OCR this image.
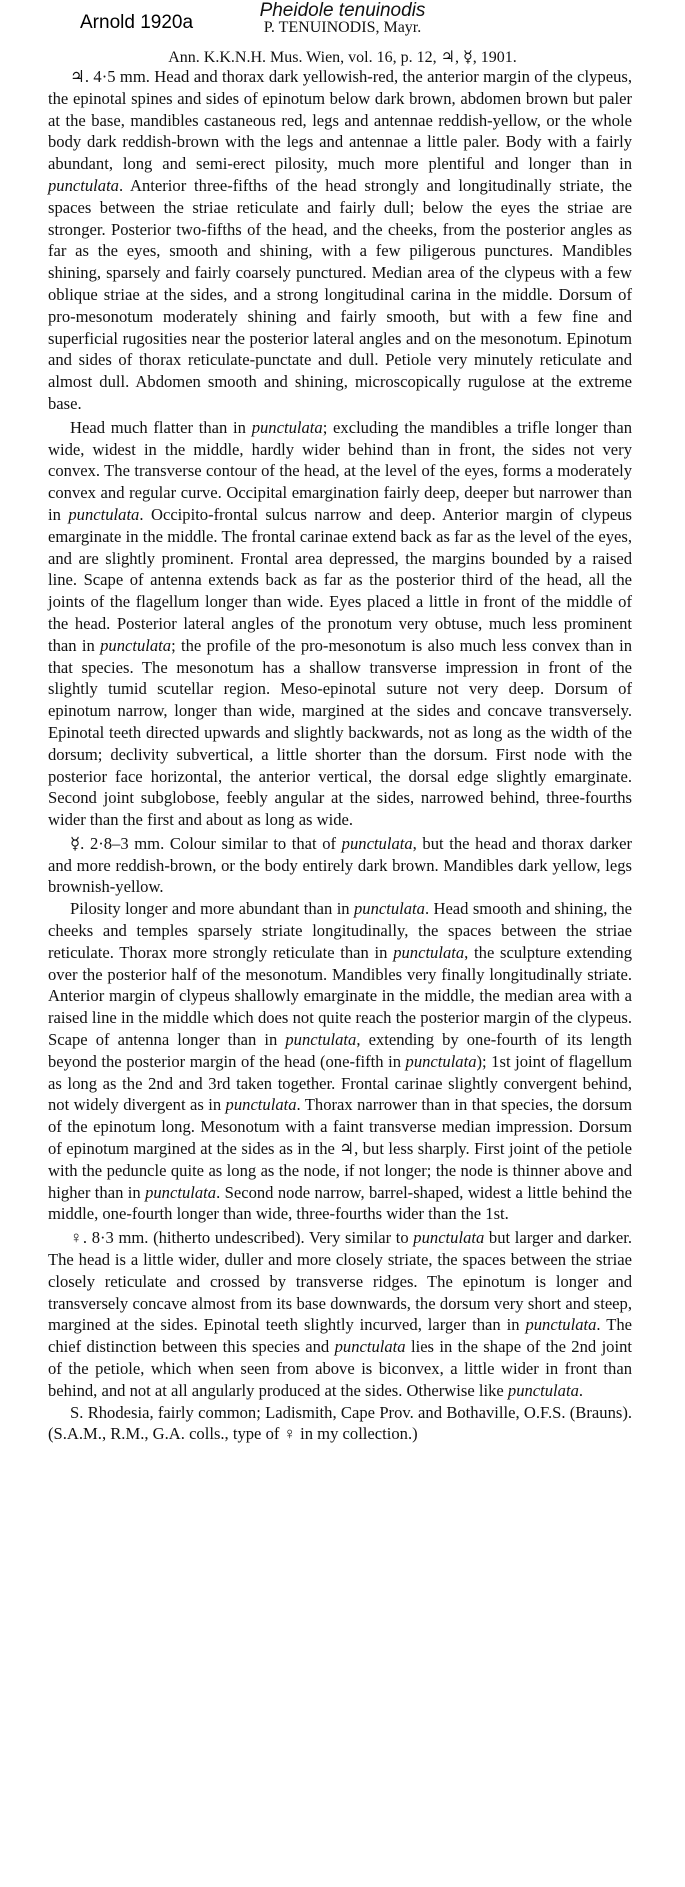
Arnold 1920a
Pheidole tenuinodis
P. TENUINODIS, Mayr.
Ann. K.K.N.H. Mus. Wien, vol. 16, p. 12, ♃, ☿, 1901.

♃. 4·5 mm. Head and thorax dark yellowish-red, the anterior margin of the clypeus, the epinotal spines and sides of epinotum below dark brown, abdomen brown but paler at the base, mandibles castaneous red, legs and antennae reddish-yellow, or the whole body dark reddish-brown with the legs and antennae a little paler. Body with a fairly abundant, long and semi-erect pilosity, much more plentiful and longer than in punctulata. Anterior three-fifths of the head strongly and longitudinally striate, the spaces between the striae reticulate and fairly dull; below the eyes the striae are stronger. Posterior two-fifths of the head, and the cheeks, from the posterior angles as far as the eyes, smooth and shining, with a few piligerous punctures. Mandibles shining, sparsely and fairly coarsely punctured. Median area of the clypeus with a few oblique striae at the sides, and a strong longitudinal carina in the middle. Dorsum of pro-mesonotum moderately shining and fairly smooth, but with a few fine and superficial rugosities near the posterior lateral angles and on the mesonotum. Epinotum and sides of thorax reticulate-punctate and dull. Petiole very minutely reticulate and almost dull. Abdomen smooth and shining, microscopically rugulose at the extreme base.

Head much flatter than in punctulata; excluding the mandibles a trifle longer than wide, widest in the middle, hardly wider behind than in front, the sides not very convex. The transverse contour of the head, at the level of the eyes, forms a moderately convex and regular curve. Occipital emargination fairly deep, deeper but narrower than in punctulata. Occipito-frontal sulcus narrow and deep. Anterior margin of clypeus emarginate in the middle. The frontal carinae extend back as far as the level of the eyes, and are slightly prominent. Frontal area depressed, the margins bounded by a raised line. Scape of antenna extends back as far as the posterior third of the head, all the joints of the flagellum longer than wide. Eyes placed a little in front of the middle of the head. Posterior lateral angles of the pronotum very obtuse, much less prominent than in punctulata; the profile of the pro-mesonotum is also much less convex than in that species. The mesonotum has a shallow transverse impression in front of the slightly tumid scutellar region. Meso-epinotal suture not very deep. Dorsum of epinotum narrow, longer than wide, margined at the sides and concave transversely. Epinotal teeth directed upwards and slightly backwards, not as long as the width of the dorsum; declivity subvertical, a little shorter than the dorsum. First node with the posterior face horizontal, the anterior vertical, the dorsal edge slightly emarginate. Second joint subglobose, feebly angular at the sides, narrowed behind, three-fourths wider than the first and about as long as wide.

☿. 2·8–3 mm. Colour similar to that of punctulata, but the head and thorax darker and more reddish-brown, or the body entirely dark brown. Mandibles dark yellow, legs brownish-yellow.

Pilosity longer and more abundant than in punctulata. Head smooth and shining, the cheeks and temples sparsely striate longitudinally, the spaces between the striae reticulate. Thorax more strongly reticulate than in punctulata, the sculpture extending over the posterior half of the mesonotum. Mandibles very finally longitudinally striate. Anterior margin of clypeus shallowly emarginate in the middle, the median area with a raised line in the middle which does not quite reach the posterior margin of the clypeus. Scape of antenna longer than in punctulata, extending by one-fourth of its length beyond the posterior margin of the head (one-fifth in punctulata); 1st joint of flagellum as long as the 2nd and 3rd taken together. Frontal carinae slightly convergent behind, not widely divergent as in punctulata. Thorax narrower than in that species, the dorsum of the epinotum long. Mesonotum with a faint transverse median impression. Dorsum of epinotum margined at the sides as in the ♃, but less sharply. First joint of the petiole with the peduncle quite as long as the node, if not longer; the node is thinner above and higher than in punctulata. Second node narrow, barrel-shaped, widest a little behind the middle, one-fourth longer than wide, three-fourths wider than the 1st.

♀. 8·3 mm. (hitherto undescribed). Very similar to punctulata but larger and darker. The head is a little wider, duller and more closely striate, the spaces between the striae closely reticulate and crossed by transverse ridges. The epinotum is longer and transversely concave almost from its base downwards, the dorsum very short and steep, margined at the sides. Epinotal teeth slightly incurved, larger than in punctulata. The chief distinction between this species and punctulata lies in the shape of the 2nd joint of the petiole, which when seen from above is biconvex, a little wider in front than behind, and not at all angularly produced at the sides. Otherwise like punctulata.

S. Rhodesia, fairly common; Ladismith, Cape Prov. and Bothaville, O.F.S. (Brauns). (S.A.M., R.M., G.A. colls., type of ♀ in my collection.)
